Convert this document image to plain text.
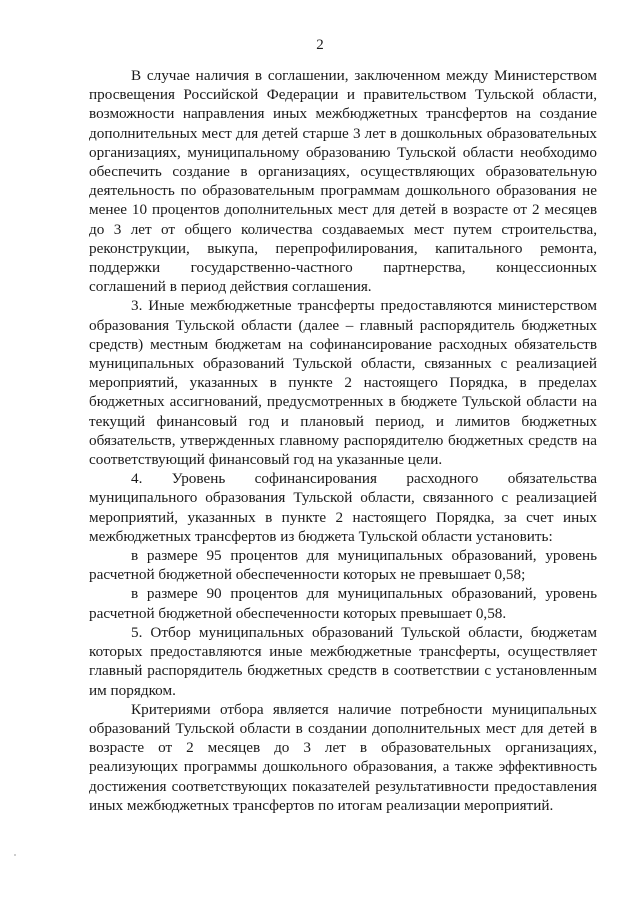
2

В случае наличия в соглашении, заключенном между Министерством просвещения Российской Федерации и правительством Тульской области, возможности направления иных межбюджетных трансфертов на создание дополнительных мест для детей старше 3 лет в дошкольных образовательных организациях, муниципальному образованию Тульской области необходимо обеспечить создание в организациях, осуществляющих образовательную деятельность по образовательным программам дошкольного образования не менее 10 процентов дополнительных мест для детей в возрасте от 2 месяцев до 3 лет от общего количества создаваемых мест путем строительства, реконструкции, выкупа, перепрофилирования, капитального ремонта, поддержки государственно-частного партнерства, концессионных соглашений в период действия соглашения.

3. Иные межбюджетные трансферты предоставляются министерством образования Тульской области (далее – главный распорядитель бюджетных средств) местным бюджетам на софинансирование расходных обязательств муниципальных образований Тульской области, связанных с реализацией мероприятий, указанных в пункте 2 настоящего Порядка, в пределах бюджетных ассигнований, предусмотренных в бюджете Тульской области на текущий финансовый год и плановый период, и лимитов бюджетных обязательств, утвержденных главному распорядителю бюджетных средств на соответствующий финансовый год на указанные цели.

4. Уровень софинансирования расходного обязательства муниципального образования Тульской области, связанного с реализацией мероприятий, указанных в пункте 2 настоящего Порядка, за счет иных межбюджетных трансфертов из бюджета Тульской области установить:

в размере 95 процентов для муниципальных образований, уровень расчетной бюджетной обеспеченности которых не превышает 0,58;

в размере 90 процентов для муниципальных образований, уровень расчетной бюджетной обеспеченности которых превышает 0,58.

5. Отбор муниципальных образований Тульской области, бюджетам которых предоставляются иные межбюджетные трансферты, осуществляет главный распорядитель бюджетных средств в соответствии с установленным им порядком.

Критериями отбора является наличие потребности муниципальных образований Тульской области в создании дополнительных мест для детей в возрасте от 2 месяцев до 3 лет в образовательных организациях, реализующих программы дошкольного образования, а также эффективность достижения соответствующих показателей результативности предоставления иных межбюджетных трансфертов по итогам реализации мероприятий.
